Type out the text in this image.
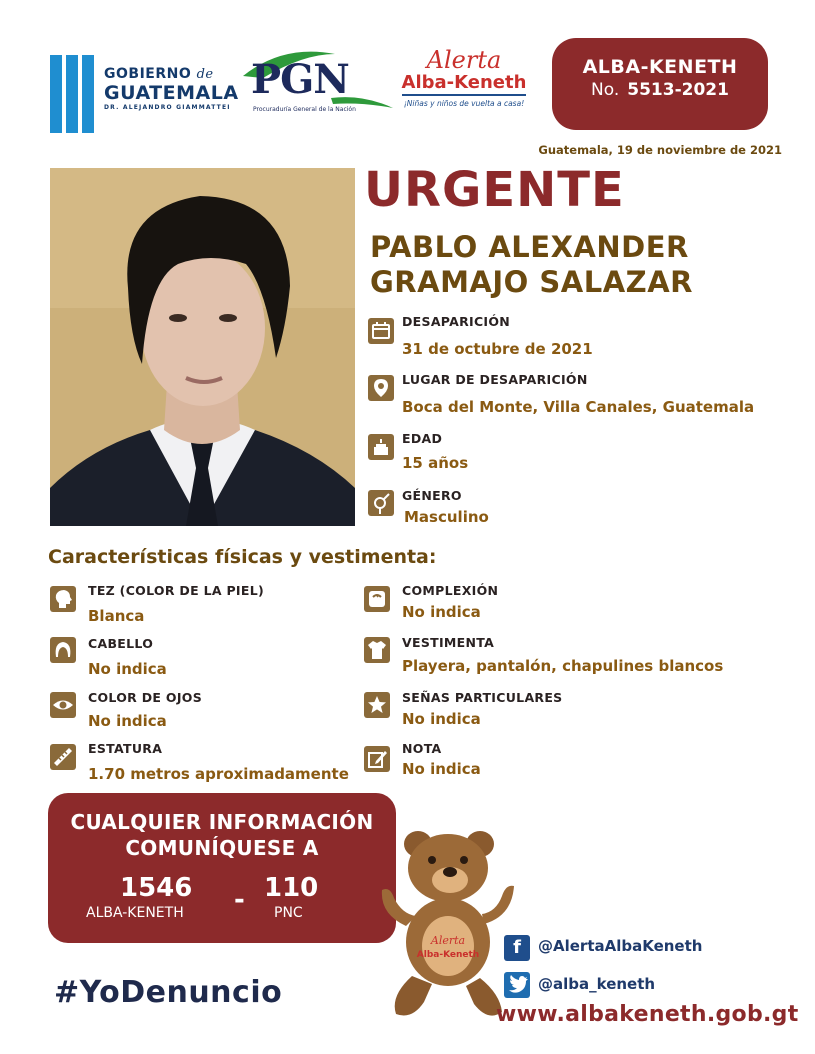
GOBIERNO de
GUATEMALA
DR. ALEJANDRO GIAMMATTEI
PGN
Procuraduría General de la Nación
Alerta
Alba-Keneth
¡Niñas y niños de vuelta a casa!
ALBA-KENETH
No. 5513-2021
Guatemala, 19 de noviembre de 2021
URGENTE
PABLO ALEXANDER
GRAMAJO SALAZAR
DESAPARICIÓN
31 de octubre de 2021
LUGAR DE DESAPARICIÓN
Boca del Monte, Villa Canales, Guatemala
EDAD
15 años
GÉNERO
Masculino
Características físicas y vestimenta:
TEZ (COLOR DE LA PIEL)
Blanca
CABELLO
No indica
COLOR DE OJOS
No indica
ESTATURA
1.70 metros aproximadamente
COMPLEXIÓN
No indica
VESTIMENTA
Playera, pantalón, chapulines blancos
SEÑAS PARTICULARES
No indica
NOTA
No indica
CUALQUIER INFORMACIÓN
COMUNÍQUESE A
1546
ALBA-KENETH - 110
PNC
Alerta
Alba-Keneth	f	@AlertaAlbaKeneth
@alba_keneth
#YoDenuncio
www.albakeneth.gob.gt
